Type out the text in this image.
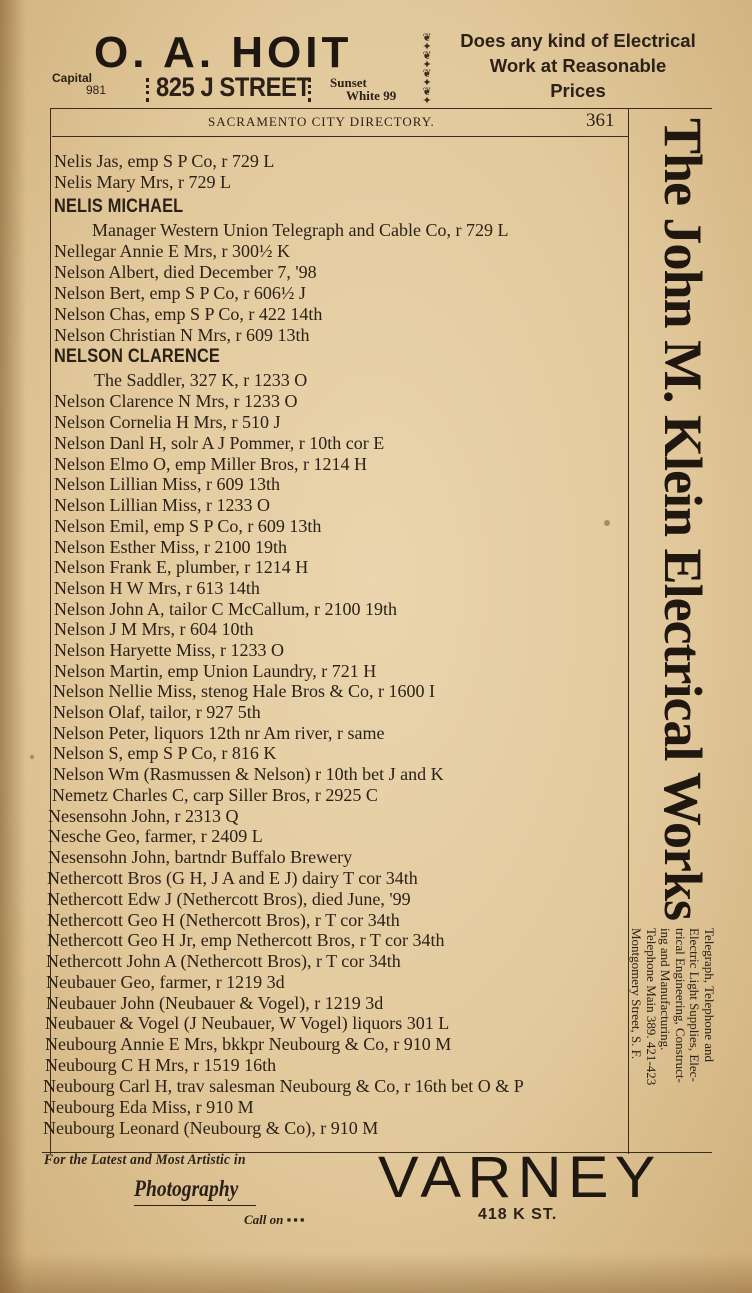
O. A. HOIT
Capital
981 825 J STREET Sunset
White 99
❦
✦
❦
✦
❦
✦
❦
✦
Does any kind of Electrical
Work at Reasonable
Prices
SACRAMENTO CITY DIRECTORY.	361
Nelis Jas, emp S P Co, r 729 L
Nelis Mary Mrs, r 729 L
NELIS MICHAEL
Manager Western Union Telegraph and Cable Co, r 729 L
Nellegar Annie E Mrs, r 300½ K
Nelson Albert, died December 7, '98
Nelson Bert, emp S P Co, r 606½ J
Nelson Chas, emp S P Co, r 422 14th
Nelson Christian N Mrs, r 609 13th
NELSON CLARENCE
The Saddler, 327 K, r 1233 O
Nelson Clarence N Mrs, r 1233 O
Nelson Cornelia H Mrs, r 510 J
Nelson Danl H, solr A J Pommer, r 10th cor E
Nelson Elmo O, emp Miller Bros, r 1214 H
Nelson Lillian Miss, r 609 13th
Nelson Lillian Miss, r 1233 O
Nelson Emil, emp S P Co, r 609 13th
Nelson Esther Miss, r 2100 19th
Nelson Frank E, plumber, r 1214 H
Nelson H W Mrs, r 613 14th
Nelson John A, tailor C McCallum, r 2100 19th
Nelson J M Mrs, r 604 10th
Nelson Haryette Miss, r 1233 O
Nelson Martin, emp Union Laundry, r 721 H
Nelson Nellie Miss, stenog Hale Bros & Co, r 1600 I
Nelson Olaf, tailor, r 927 5th
Nelson Peter, liquors 12th nr Am river, r same
Nelson S, emp S P Co, r 816 K
Nelson Wm (Rasmussen & Nelson) r 10th bet J and K
Nemetz Charles C, carp Siller Bros, r 2925 C
Nesensohn John, r 2313 Q
Nesche Geo, farmer, r 2409 L
Nesensohn John, bartndr Buffalo Brewery
Nethercott Bros (G H, J A and E J) dairy T cor 34th
Nethercott Edw J (Nethercott Bros), died June, '99
Nethercott Geo H (Nethercott Bros), r T cor 34th
Nethercott Geo H Jr, emp Nethercott Bros, r T cor 34th
Nethercott John A (Nethercott Bros), r T cor 34th
Neubauer Geo, farmer, r 1219 3d
Neubauer John (Neubauer & Vogel), r 1219 3d
Neubauer & Vogel (J Neubauer, W Vogel) liquors 301 L
Neubourg Annie E Mrs, bkkpr Neubourg & Co, r 910 M
Neubourg C H Mrs, r 1519 16th
Neubourg Carl H, trav salesman Neubourg & Co, r 16th bet O & P
Neubourg Eda Miss, r 910 M
Neubourg Leonard (Neubourg & Co), r 910 M
The John M. Klein Electrical Works
Telegraph, Telephone and
Electric Light Supplies, Elec-
trical Engineering, Construct-
ing and Manufacturing.
Telephone Main 389. 421-423
Montgomery Street, S. F.
For the Latest and Most Artistic in
Photography
Call on ▪▪▪
VARNEY
418 K ST.
